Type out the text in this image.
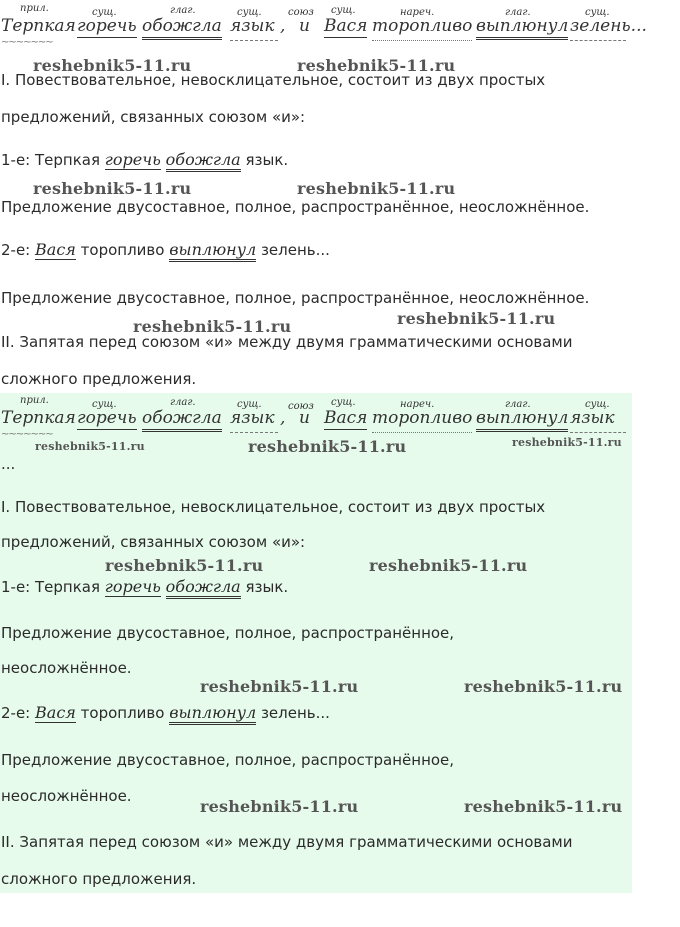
прил.	сущ.	глаг.	сущ.	союз сущ.	нареч.	глаг.	сущ.
Терпкая горечь обожгла язык , и Вася торопливо выплюнул зелень...
~~~~~~~
reshebnik5-11.ru	reshebnik5-11.ru
I. Повествовательное, невосклицательное, состоит из двух простых
предложений, связанных союзом «и»:
1-е: Терпкая горечь обожгла язык.
reshebnik5-11.ru	reshebnik5-11.ru
Предложение двусоставное, полное, распространённое, неосложнённое.
2-е: Вася торопливо выплюнул зелень...
Предложение двусоставное, полное, распространённое, неосложнённое.
reshebnik5-11.ru	reshebnik5-11.ru
II. Запятая перед союзом «и» между двумя грамматическими основами
сложного предложения.
прил.	сущ.	глаг.	сущ.	союз сущ.	нареч.	глаг.	сущ.
Терпкая горечь обожгла язык , и Вася торопливо выплюнул язык
~~~~~~~
...
reshebnik5-11.ru	reshebnik5-11.ru	reshebnik5-11.ru
I. Повествовательное, невосклицательное, состоит из двух простых
предложений, связанных союзом «и»:
reshebnik5-11.ru	reshebnik5-11.ru
1-е: Терпкая горечь обожгла язык.
Предложение двусоставное, полное, распространённое,
неосложнённое.
reshebnik5-11.ru	reshebnik5-11.ru
2-е: Вася торопливо выплюнул зелень...
Предложение двусоставное, полное, распространённое,
неосложнённое.
reshebnik5-11.ru	reshebnik5-11.ru
II. Запятая перед союзом «и» между двумя грамматическими основами
сложного предложения.
